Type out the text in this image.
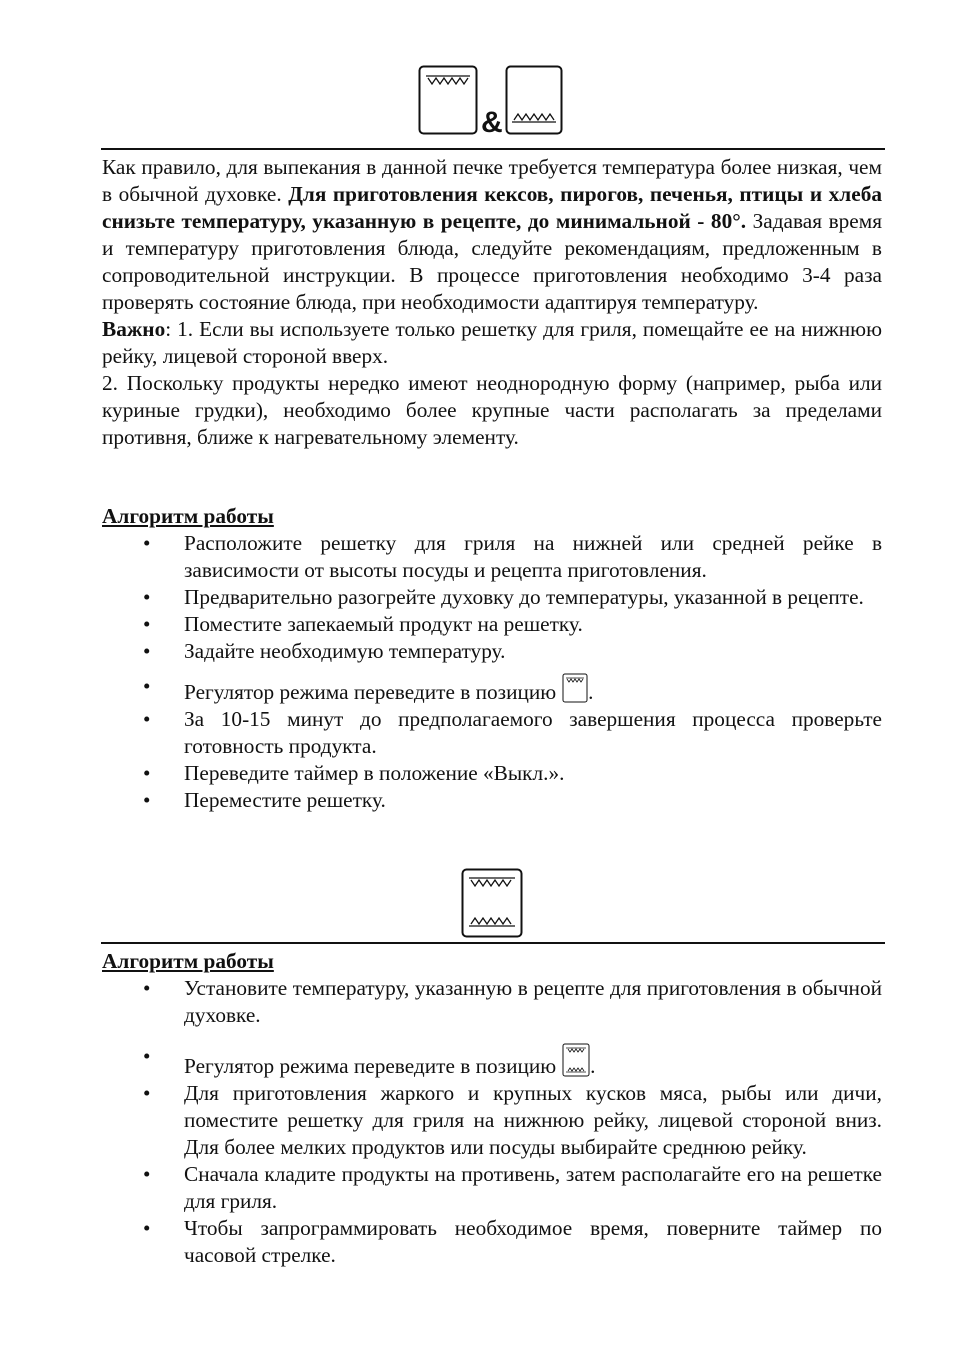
&

Как правило, для выпекания в данной печке требуется температура более низкая, чем в обычной духовке. Для приготовления кексов, пирогов, печенья, птицы и хлеба снизьте температуру, указанную в рецепте, до минимальной - 80°. Задавая время и температуру приготовления блюда, следуйте рекомендациям, предложенным в сопроводительной инструкции. В процессе приготовления необходимо 3-4 раза проверять состояние блюда, при необходимости адаптируя температуру.

Важно: 1. Если вы используете только решетку для гриля, помещайте ее на нижнюю рейку, лицевой стороной вверх.

2. Поскольку продукты нередко имеют неоднородную форму (например, рыба или куриные грудки), необходимо более крупные части располагать за пределами противня, ближе к нагревательному элементу.

Алгоритм работы
• Расположите решетку для гриля на нижней или средней рейке в зависимости от высоты посуды и рецепта приготовления.
• Предварительно разогрейте духовку до температуры, указанной в рецепте.
• Поместите запекаемый продукт на решетку.
• Задайте необходимую температуру.
• Регулятор режима переведите в позицию .
• За 10-15 минут до предполагаемого завершения процесса проверьте готовность продукта.
• Переведите таймер в положение «Выкл.».
• Переместите решетку.
Алгоритм работы
• Установите температуру, указанную в рецепте для приготовления в обычной духовке.
• Регулятор режима переведите в позицию .
• Для приготовления жаркого и крупных кусков мяса, рыбы или дичи, поместите решетку для гриля на нижнюю рейку, лицевой стороной вниз. Для более мелких продуктов или посуды выбирайте среднюю рейку.
• Сначала кладите продукты на противень, затем располагайте его на решетке для гриля.
• Чтобы запрограммировать необходимое время, поверните таймер по часовой стрелке.
